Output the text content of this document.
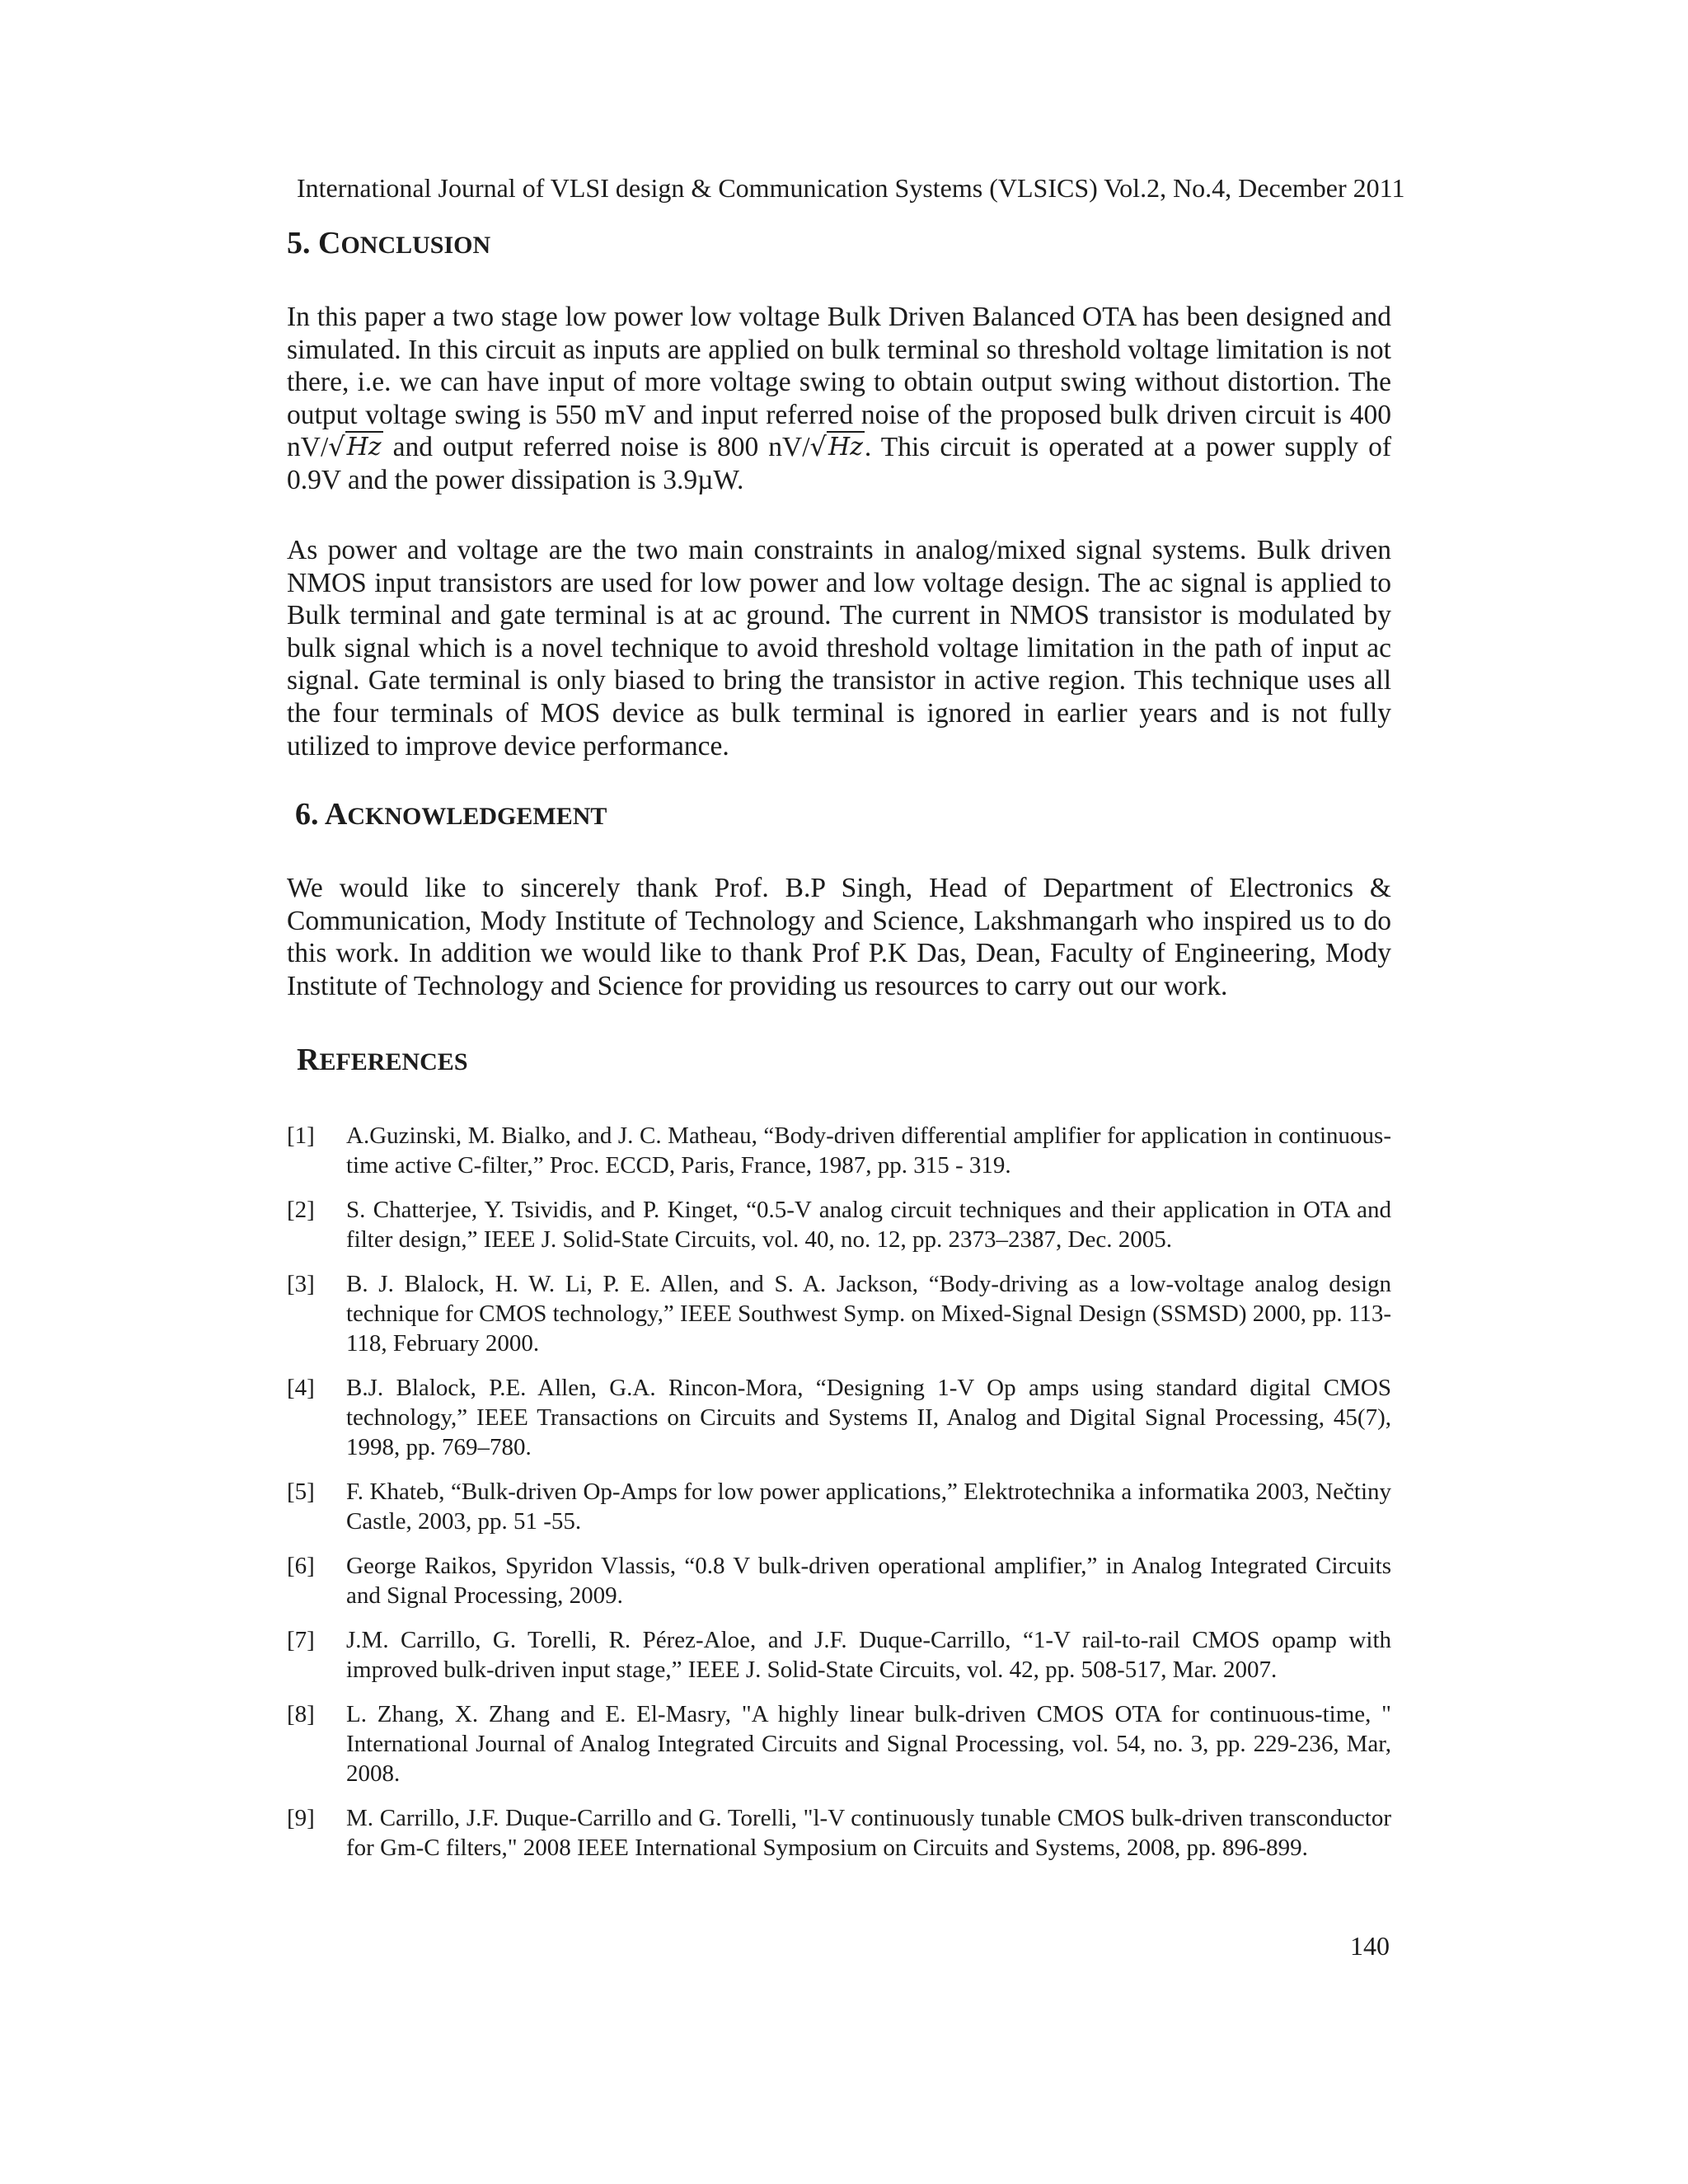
International Journal of VLSI design & Communication Systems (VLSICS) Vol.2, No.4, December 2011
5. CONCLUSION

In this paper a two stage low power low voltage Bulk Driven Balanced OTA has been designed and simulated. In this circuit as inputs are applied on bulk terminal so threshold voltage limitation is not there, i.e. we can have input of more voltage swing to obtain output swing without distortion. The output voltage swing is 550 mV and input referred noise of the proposed bulk driven circuit is 400 nV/ √ Hz and output referred noise is 800 nV/ √ Hz . This circuit is operated at a power supply of 0.9V and the power dissipation is 3.9µW.

As power and voltage are the two main constraints in analog/mixed signal systems. Bulk driven NMOS input transistors are used for low power and low voltage design. The ac signal is applied to Bulk terminal and gate terminal is at ac ground. The current in NMOS transistor is modulated by bulk signal which is a novel technique to avoid threshold voltage limitation in the path of input ac signal. Gate terminal is only biased to bring the transistor in active region. This technique uses all the four terminals of MOS device as bulk terminal is ignored in earlier years and is not fully utilized to improve device performance.

6. ACKNOWLEDGEMENT

We would like to sincerely thank Prof. B.P Singh, Head of Department of Electronics & Communication, Mody Institute of Technology and Science, Lakshmangarh who inspired us to do this work. In addition we would like to thank Prof P.K Das, Dean, Faculty of Engineering, Mody Institute of Technology and Science for providing us resources to carry out our work.

REFERENCES
[1]	A.Guzinski, M. Bialko, and J. C. Matheau, “Body-driven differential amplifier for application in continuous-time active C-filter,” Proc. ECCD, Paris, France, 1987, pp. 315 - 319.
[2]	S. Chatterjee, Y. Tsividis, and P. Kinget, “0.5-V analog circuit techniques and their application in OTA and filter design,” IEEE J. Solid-State Circuits, vol. 40, no. 12, pp. 2373–2387, Dec. 2005.
[3]	B. J. Blalock, H. W. Li, P. E. Allen, and S. A. Jackson, “Body-driving as a low-voltage analog design technique for CMOS technology,” IEEE Southwest Symp. on Mixed-Signal Design (SSMSD) 2000, pp. 113-118, February 2000.
[4]	B.J. Blalock, P.E. Allen, G.A. Rincon-Mora, “Designing 1-V Op amps using standard digital CMOS technology,” IEEE Transactions on Circuits and Systems II, Analog and Digital Signal Processing, 45(7), 1998, pp. 769–780.
[5]	F. Khateb, “Bulk-driven Op-Amps for low power applications,” Elektrotechnika a informatika 2003, Nečtiny Castle, 2003, pp. 51 -55.
[6]	George Raikos, Spyridon Vlassis, “0.8 V bulk-driven operational amplifier,” in Analog Integrated Circuits and Signal Processing, 2009.
[7]	J.M. Carrillo, G. Torelli, R. Pérez-Aloe, and J.F. Duque-Carrillo, “1-V rail-to-rail CMOS opamp with improved bulk-driven input stage,” IEEE J. Solid-State Circuits, vol. 42, pp. 508-517, Mar. 2007.
[8]	L. Zhang, X. Zhang and E. El-Masry, "A highly linear bulk-driven CMOS OTA for continuous-time, " International Journal of Analog Integrated Circuits and Signal Processing, vol. 54, no. 3, pp. 229-236, Mar, 2008.
[9]	M. Carrillo, J.F. Duque-Carrillo and G. Torelli, "l-V continuously tunable CMOS bulk-driven transconductor for Gm-C filters," 2008 IEEE International Symposium on Circuits and Systems, 2008, pp. 896-899.
140
